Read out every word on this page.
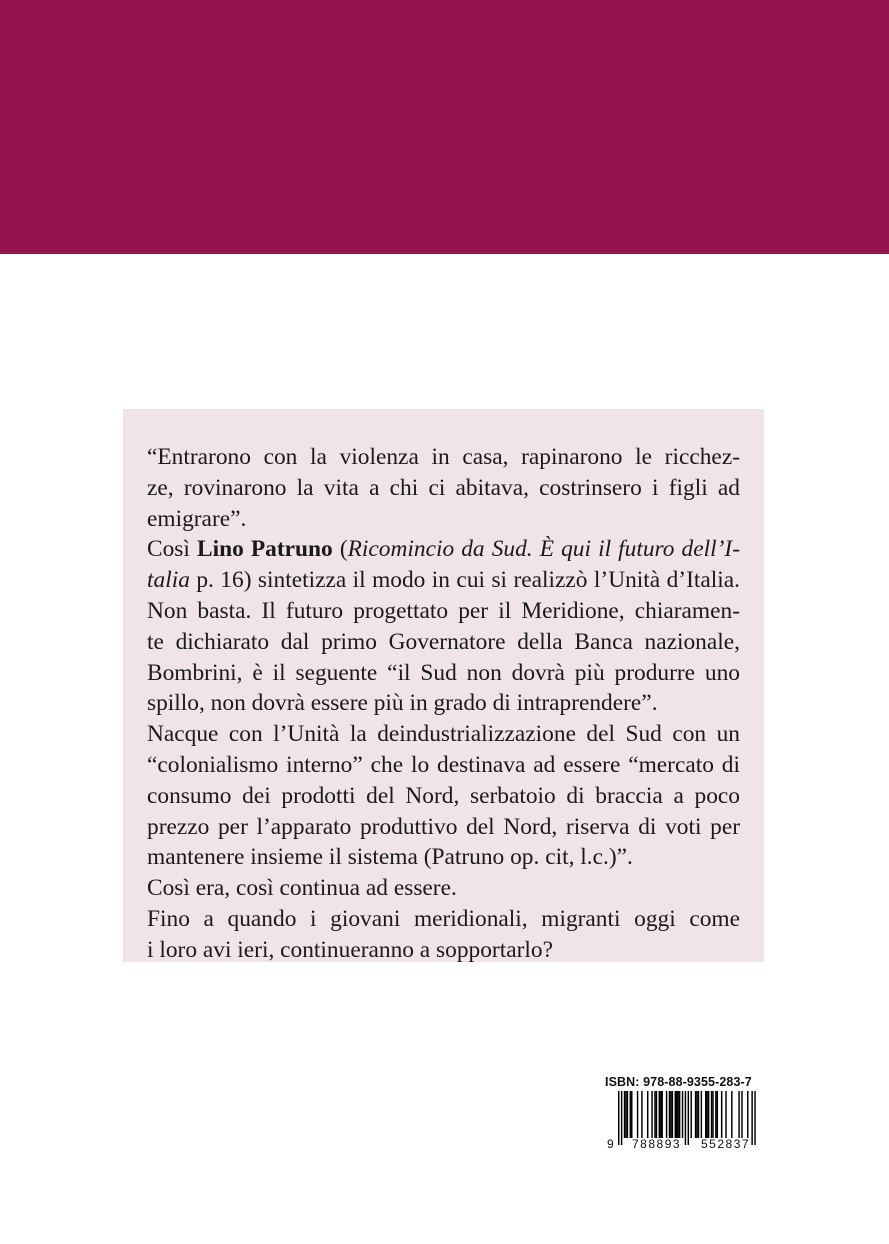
“Entrarono con la violenza in casa, rapinarono le ricchez-
ze, rovinarono la vita a chi ci abitava, costrinsero i figli ad
emigrare”.
Così Lino Patruno (Ricomincio da Sud. È qui il futuro dell’I-
talia p. 16) sintetizza il modo in cui si realizzò l’Unità d’Italia.
Non basta. Il futuro progettato per il Meridione, chiaramen-
te dichiarato dal primo Governatore della Banca nazionale,
Bombrini, è il seguente “il Sud non dovrà più produrre uno
spillo, non dovrà essere più in grado di intraprendere”.
Nacque con l’Unità la deindustrializzazione del Sud con un
“colonialismo interno” che lo destinava ad essere “mercato di
consumo dei prodotti del Nord, serbatoio di braccia a poco
prezzo per l’apparato produttivo del Nord, riserva di voti per
mantenere insieme il sistema (Patruno op. cit, l.c.)”.
Così era, così continua ad essere.
Fino a quando i giovani meridionali, migranti oggi come
i loro avi ieri, continueranno a sopportarlo?
ISBN: 978-88-9355-283-7
9 788893 552837
